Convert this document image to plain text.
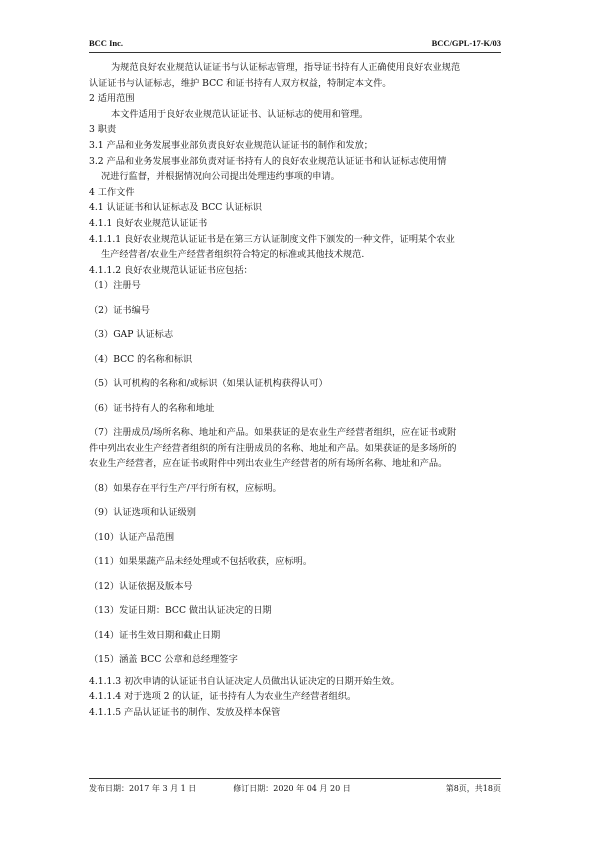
BCC Inc.	BCC/GPL-17-K/03
为规范良好农业规范认证证书与认证标志管理，指导证书持有人正确使用良好农业规范
认证证书与认证标志，维护 BCC 和证书持有人双方权益，特制定本文件。
2 适用范围
本文件适用于良好农业规范认证证书、认证标志的使用和管理。
3 职责
3.1 产品和业务发展事业部负责良好农业规范认证证书的制作和发放；
3.2 产品和业务发展事业部负责对证书持有人的良好农业规范认证证书和认证标志使用情
况进行监督，并根据情况向公司提出处理违约事项的申请。
4 工作文件
4.1 认证证书和认证标志及 BCC 认证标识
4.1.1 良好农业规范认证证书
4.1.1.1 良好农业规范认证证书是在第三方认证制度文件下颁发的一种文件，证明某个农业
生产经营者/农业生产经营者组织符合特定的标准或其他技术规范.
4.1.1.2 良好农业规范认证证书应包括：
（1）注册号
（2）证书编号
（3）GAP 认证标志
（4）BCC 的名称和标识
（5）认可机构的名称和/或标识（如果认证机构获得认可）
（6）证书持有人的名称和地址
（7）注册成员/场所名称、地址和产品。如果获证的是农业生产经营者组织，应在证书或附
件中列出农业生产经营者组织的所有注册成员的名称、地址和产品。如果获证的是多场所的
农业生产经营者，应在证书或附件中列出农业生产经营者的所有场所名称、地址和产品。
（8）如果存在平行生产/平行所有权，应标明。
（9）认证选项和认证级别
（10）认证产品范围
（11）如果果蔬产品未经处理或不包括收获，应标明。
（12）认证依据及版本号
（13）发证日期：BCC 做出认证决定的日期
（14）证书生效日期和截止日期
（15）涵盖 BCC 公章和总经理签字
4.1.1.3 初次申请的认证证书自认证决定人员做出认证决定的日期开始生效。
4.1.1.4 对于选项 2 的认证，证书持有人为农业生产经营者组织。
4.1.1.5 产品认证证书的制作、发放及样本保管
发布日期：2017 年 3 月 1 日	修订日期：2020 年 04 月 20 日	第8页，共18页
